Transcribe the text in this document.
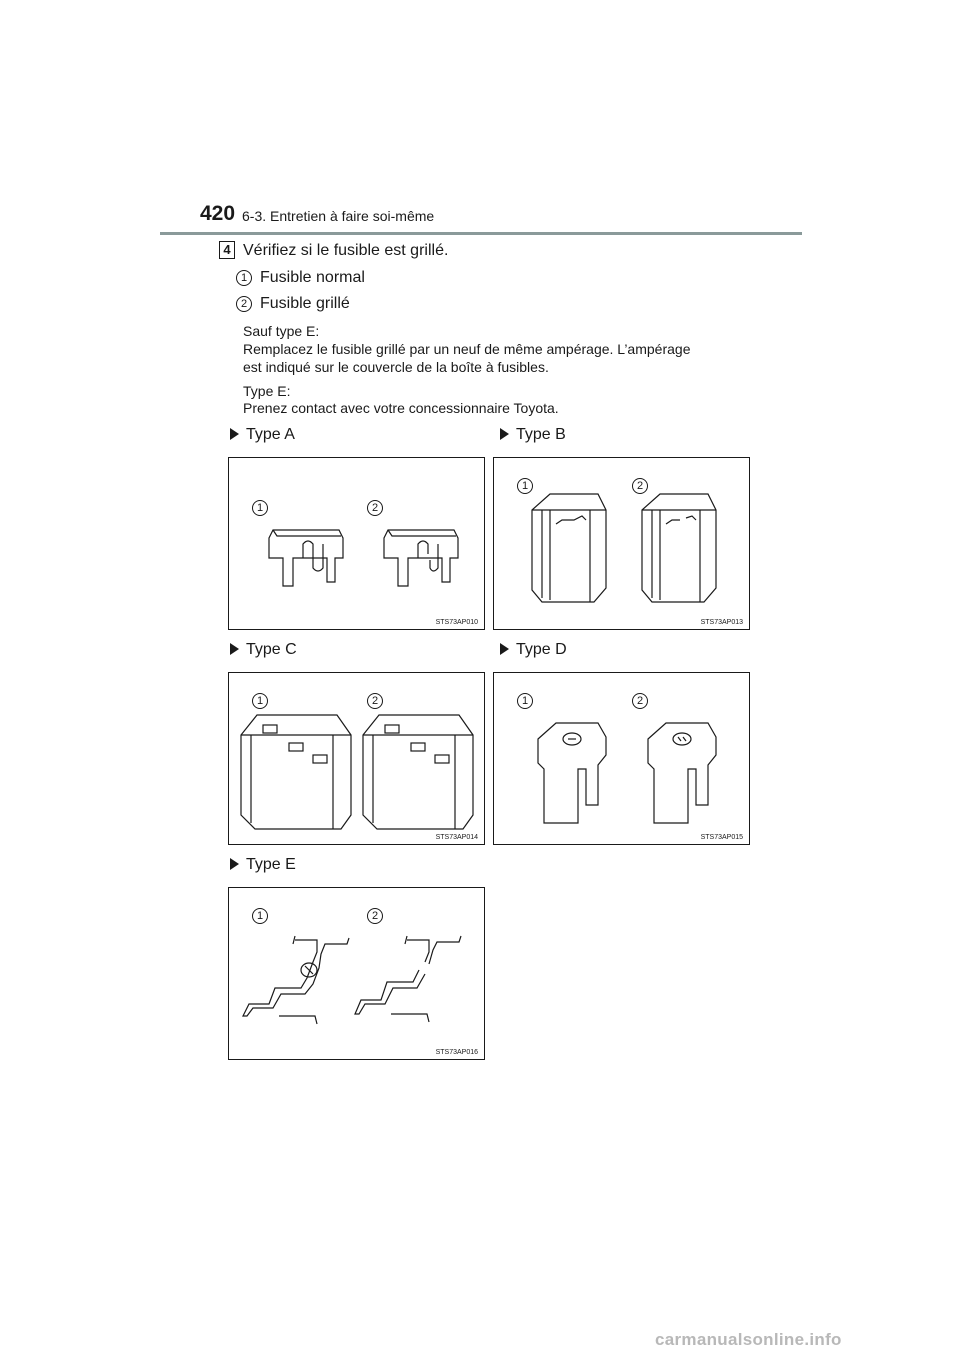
420 6-3. Entretien à faire soi-même
4 Vérifiez si le fusible est grillé.
1 Fusible normal
2 Fusible grillé
Sauf type E:
Remplacez le fusible grillé par un neuf de même ampérage. L’ampérage
est indiqué sur le couvercle de la boîte à fusibles.
Type E:
Prenez contact avec votre concessionnaire Toyota.
Type A
1	2
STS73AP010
Type B
1	2
STS73AP013
Type C
1	2
STS73AP014
Type D
1	2
STS73AP015
Type E
1	2
STS73AP016
carmanualsonline.info
